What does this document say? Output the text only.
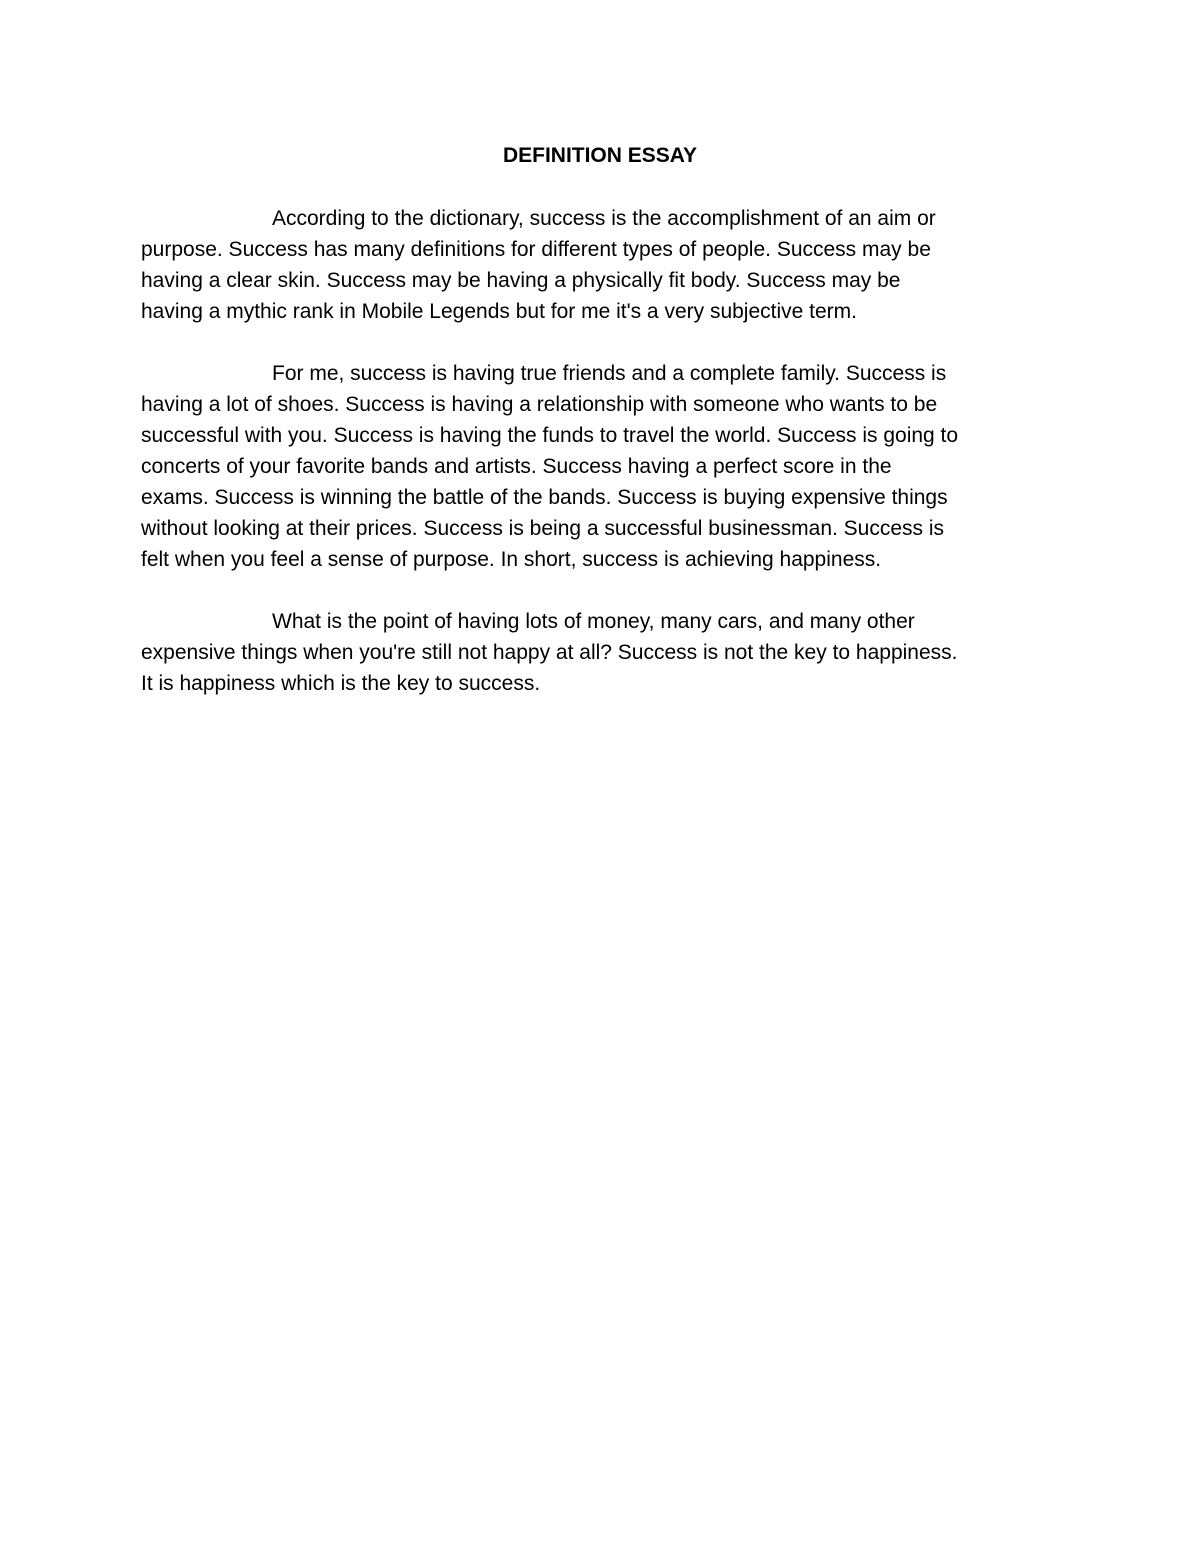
DEFINITION ESSAY
According to the dictionary, success is the accomplishment of an aim or
purpose. Success has many definitions for different types of people. Success may be
having a clear skin. Success may be having a physically fit body. Success may be
having a mythic rank in Mobile Legends but for me it's a very subjective term.
For me, success is having true friends and a complete family. Success is
having a lot of shoes. Success is having a relationship with someone who wants to be
successful with you. Success is having the funds to travel the world. Success is going to
concerts of your favorite bands and artists. Success having a perfect score in the
exams. Success is winning the battle of the bands. Success is buying expensive things
without looking at their prices. Success is being a successful businessman. Success is
felt when you feel a sense of purpose. In short, success is achieving happiness.
What is the point of having lots of money, many cars, and many other
expensive things when you're still not happy at all? Success is not the key to happiness.
It is happiness which is the key to success.
